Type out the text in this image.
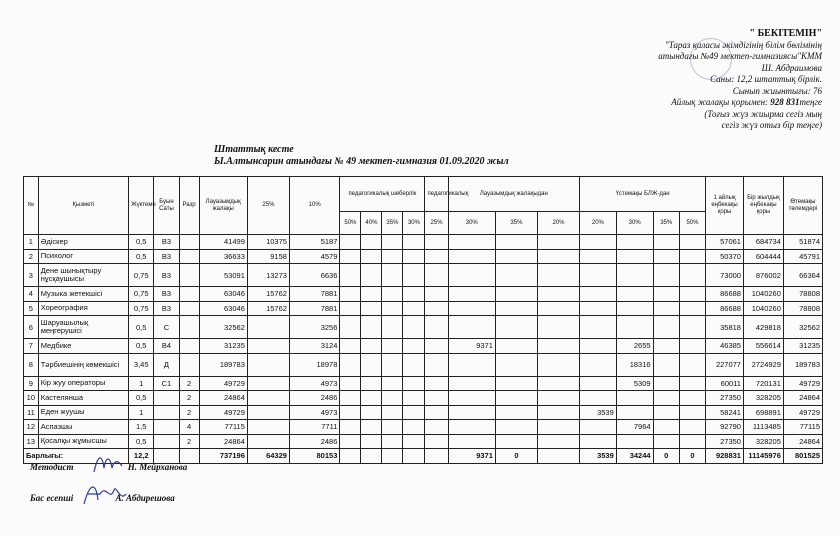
" БЕКІТЕМІН"
"Тараз қаласы әкімдігінің білім бөлімінің
атындағы №49 мектеп-гимназиясы"КММ
Ш. Абдраимова
Саны: 12,2 штаттық бірлік.
Сынып жиынтығы: 76
Айлық жалақы қорымен: 928 831теңге
(Тоғыз жүз жиырма сегіз мың
сегіз жүз отыз бір теңге)
Штаттық кесте
Ы.Алтынсарин атындағы № 49 мектеп-гимназия 01.09.2020 жыл
№	Қызметі	Жүктеме	Буын Саты	Разр	Лауазымдық жалақы	25%	10%	педагогикалық шеберлік				педагогикалық	Лауазымдық жалақыдан			Үстемақы БЛЖ-дан				1 айлық еңбекақы қоры	Бір жылдық еңбекақы қоры	Өтемақы төлемдері
								50%	40%	35%	30%	25%	30%	35%	20%	20%	30%	35%	50%			
1	Әдіскер	0,5	В3		41499	10375	5187													57061	684734	51874
2	Психолог	0,5	В3		36633	9158	4579													50370	604444	45791
3	Дене шынықтыру нұсқаушысы	0,75	В3		53091	13273	6636													73000	876002	66364
4	Музыка жетекшісі	0,75	В3		63046	15762	7881													86688	1040260	78808
5	Хореография	0,75	В3		63046	15762	7881													86688	1040260	78808
6	Шаруашылық меңгерушісі	0,5	С		32562		3256													35818	429818	32562
7	Медбике	0,5	В4		31235		3124						9371				2655			46385	556614	31235
8	Тәрбиешінің көмекшісі	3,45	Д		189783		18978										18316			227077	2724929	189783
9	Кір жуу операторы	1	С1	2	49729		4973										5309			60011	720131	49729
10	Кастелянша	0,5		2	24864		2486													27350	328205	24864
11	Еден жуушы	1		2	49729		4973									3539				58241	698891	49729
12	Аспазшы	1,5		4	77115		7711										7964			92790	1113485	77115
13	Қосалқы жұмысшы	0,5		2	24864		2486													27350	328205	24864
Барлығы:		12,2			737196	64329	80153						9371	0		3539	34244	0	0	928831	11145976	801525
Методист	Н. Мейрханова
Бас есепші	А. Абдирешова
